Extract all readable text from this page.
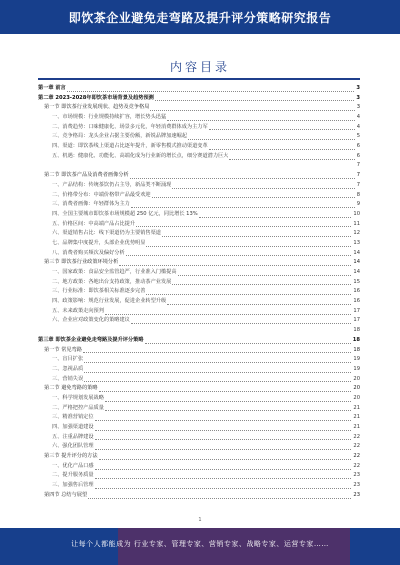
即饮茶企业避免走弯路及提升评分策略研究报告
内容目录
第一章 前言	3
第二章 2023-2028年即饮茶市场背景及趋势预测	3
第一节 即饮茶行业发展现状、趋势及竞争格局	3
一、市场规模：行业规模持续扩容，增长势头迅猛	4
二、消费趋势：口味健康化、场景多元化，年轻消费群体成为主力军	4
三、竞争格局：龙头企业占据主要份额，新锐品牌加速崛起	5
四、渠道：即饮茶线上渠道占比逐年提升，新零售模式推动渠道变革	6
五、机遇：健康化、功能化、高端化成为行业新的增长点，细分赛道潜力巨大	6
7
第二节 即饮茶产品及消费者画像分析	7
一、产品结构：传统茶饮仍占主导，新品类不断涌现	7
二、价格带分布：中端价格带产品最受欢迎	8
三、消费者画像：年轻群体为主力	9
四、全国主要城市即饮茶市场规模超 250 亿元，同比增长 13%	10
五、价格区间：中高端产品占比提升	11
六、渠道销售占比：线下渠道仍为主要销售渠道	12
七、品牌集中度提升，头部企业优势明显	13
八、消费者购买频次及偏好分析	14
第三节 即饮茶行业政策环境分析	14
一、国家政策：食品安全监管趋严，行业准入门槛提高	14
二、地方政策：各地出台支持政策，推动茶产业发展	15
三、行业标准：即饮茶相关标准逐步完善	16
四、政策影响：规范行业发展，促进企业转型升级	16
五、未来政策走向预判	17
六、企业应对政策变化的策略建议	17
18
第三章 即饮茶企业避免走弯路及提升评分策略	18
第一节 常见弯路	18
一、盲目扩张	19
二、忽视品质	19
三、营销失误	20
第二节 避免弯路的策略	20
一、科学规划发展战略	20
二、严格把控产品质量	21
三、精准营销定位	21
四、加强渠道建设	21
五、注重品牌建设	22
六、强化团队管理	22
第三节 提升评分的方法	22
一、优化产品口感	22
二、提升服务质量	23
三、加强售后管理	23
第四节 总结与展望	23
1
让每个人都能成为 行业专家、管理专家、营销专家、战略专家、运营专家……
